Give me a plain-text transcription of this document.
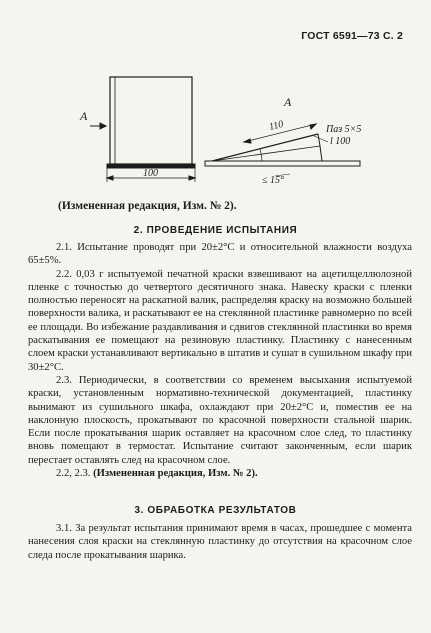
ГОСТ 6591—73 С. 2
A
A
100
110	Паз 5×5
l 100
≤ 15°
(Измененная редакция, Изм. № 2).
2. ПРОВЕДЕНИЕ ИСПЫТАНИЯ

2.1. Испытание проводят при 20±2°С и относительной влажности воздуха 65±5%.

2.2. 0,03 г испытуемой печатной краски взвешивают на ацетилцеллюлозной пленке с точностью до четвертого десятичного знака. Навеску краски с пленки полностью переносят на раскатной валик, распределяя краску на возможно большей поверхности валика, и раскатывают ее на стеклянной пластинке равномерно по всей ее площади. Во избежание раздавливания и сдвигов стеклянной пластинки во время раскатывания ее помещают на резиновую пластинку. Пластинку с нанесенным слоем краски устанавливают вертикально в штатив и сушат в сушильном шкафу при 30±2°С.

2.3. Периодически, в соответствии со временем высыхания испытуемой краски, установленным нормативно-технической документацией, пластинку вынимают из сушильного шкафа, охлаждают при 20±2°С и, поместив ее на наклонную плоскость, прокатывают по красочной поверхности стальной шарик. Если после прокатывания шарик оставляет на красочном слое след, то пластинку вновь помещают в термостат. Испытание считают законченным, если шарик перестает оставлять след на красочном слое.

2.2, 2.3. (Измененная редакция, Изм. № 2).

3. ОБРАБОТКА РЕЗУЛЬТАТОВ

3.1. За результат испытания принимают время в часах, прошедшее с момента нанесения слоя краски на стеклянную пластинку до отсутствия на красочном слое следа после прокатывания шарика.
